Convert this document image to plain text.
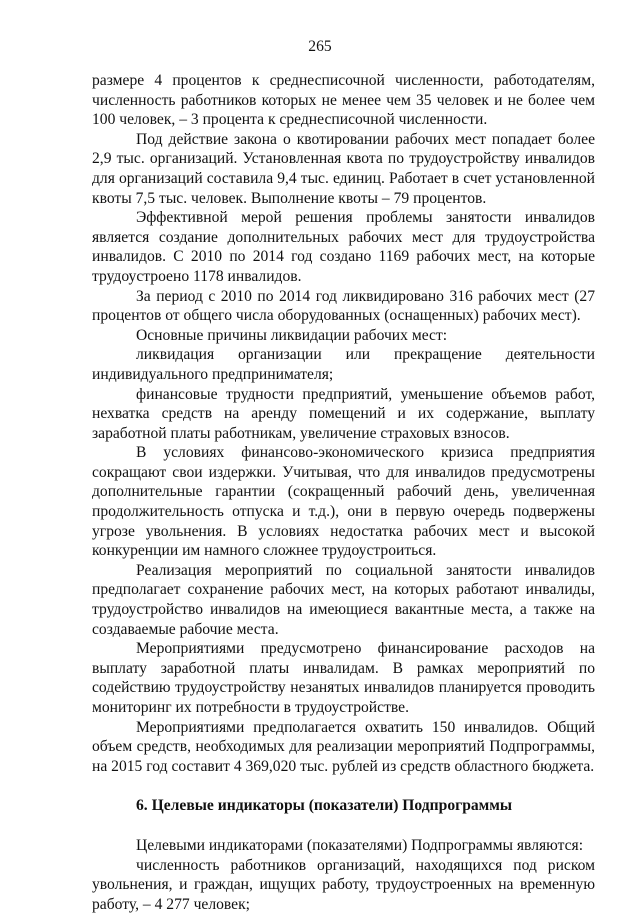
265

размере 4 процентов к среднесписочной численности, работодателям, численность работников которых не менее чем 35 человек и не более чем 100 человек, – 3 процента к среднесписочной численности.

Под действие закона о квотировании рабочих мест попадает более 2,9 тыс. организаций. Установленная квота по трудоустройству инвалидов для организаций составила 9,4 тыс. единиц. Работает в счет установленной квоты 7,5 тыс. человек. Выполнение квоты – 79 процентов.

Эффективной мерой решения проблемы занятости инвалидов является создание дополнительных рабочих мест для трудоустройства инвалидов. С 2010 по 2014 год создано 1169 рабочих мест, на которые трудоустроено 1178 инвалидов.

За период с 2010 по 2014 год ликвидировано 316 рабочих мест (27 процентов от общего числа оборудованных (оснащенных) рабочих мест).

Основные причины ликвидации рабочих мест:

ликвидация организации или прекращение деятельности индивидуального предпринимателя;

финансовые трудности предприятий, уменьшение объемов работ, нехватка средств на аренду помещений и их содержание, выплату заработной платы работникам, увеличение страховых взносов.

В условиях финансово-экономического кризиса предприятия сокращают свои издержки. Учитывая, что для инвалидов предусмотрены дополнительные гарантии (сокращенный рабочий день, увеличенная продолжительность отпуска и т.д.), они в первую очередь подвержены угрозе увольнения. В условиях недостатка рабочих мест и высокой конкуренции им намного сложнее трудоустроиться.

Реализация мероприятий по социальной занятости инвалидов предполагает сохранение рабочих мест, на которых работают инвалиды, трудоустройство инвалидов на имеющиеся вакантные места, а также на создаваемые рабочие места.

Мероприятиями предусмотрено финансирование расходов на выплату заработной платы инвалидам. В рамках мероприятий по содействию трудоустройству незанятых инвалидов планируется проводить мониторинг их потребности в трудоустройстве.

Мероприятиями предполагается охватить 150 инвалидов. Общий объем средств, необходимых для реализации мероприятий Подпрограммы, на 2015 год составит 4 369,020 тыс. рублей из средств областного бюджета.

6. Целевые индикаторы (показатели) Подпрограммы

Целевыми индикаторами (показателями) Подпрограммы являются:

численность работников организаций, находящихся под риском увольнения, и граждан, ищущих работу, трудоустроенных на временную работу, – 4 277 человек;
